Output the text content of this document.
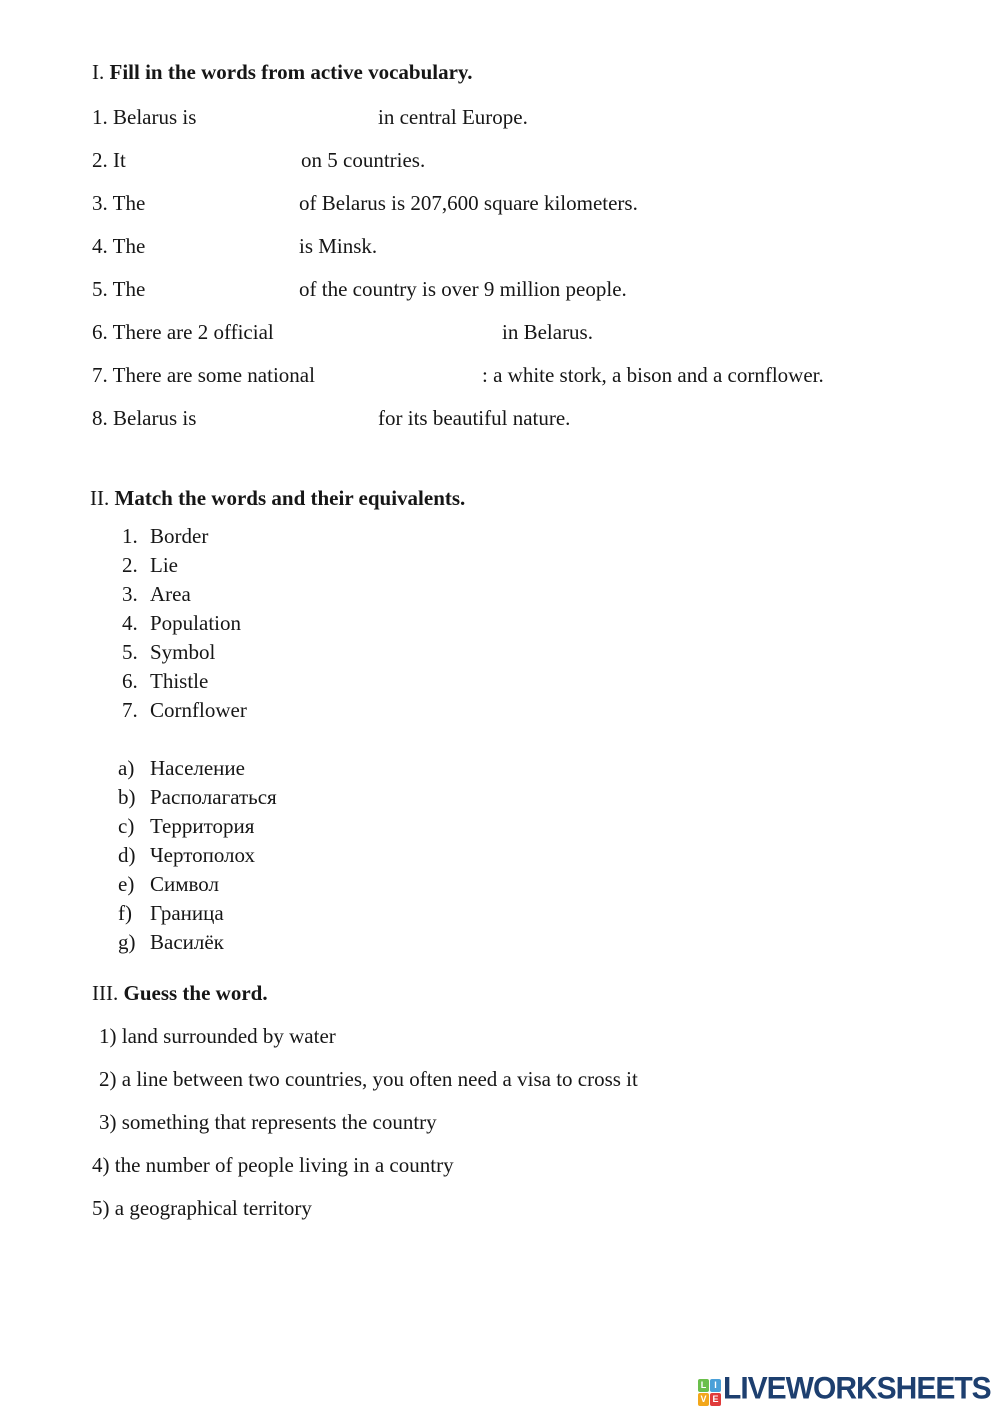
I. Fill in the words from active vocabulary.
1. Belarus is	in central Europe.
2. It	on 5 countries.
3. The	of Belarus is 207,600 square kilometers.
4. The	is Minsk.
5. The	of the country is over 9 million people.
6. There are 2 official	in Belarus.
7. There are some national	: a white stork, a bison and a cornflower.
8. Belarus is	for its beautiful nature.
II. Match the words and their equivalents.
1. Border
2. Lie
3. Area
4. Population
5. Symbol
6. Thistle
7. Cornflower
a) Население
b) Располагаться
c) Территория
d) Чертополох
e) Символ
f) Граница
g) Василёк
III. Guess the word.
1) land surrounded by water
2) a line between two countries, you often need a visa to cross it
3) something that represents the country
4) the number of people living in a country
5) a geographical territory
L I
V E LIVEWORKSHEETS
